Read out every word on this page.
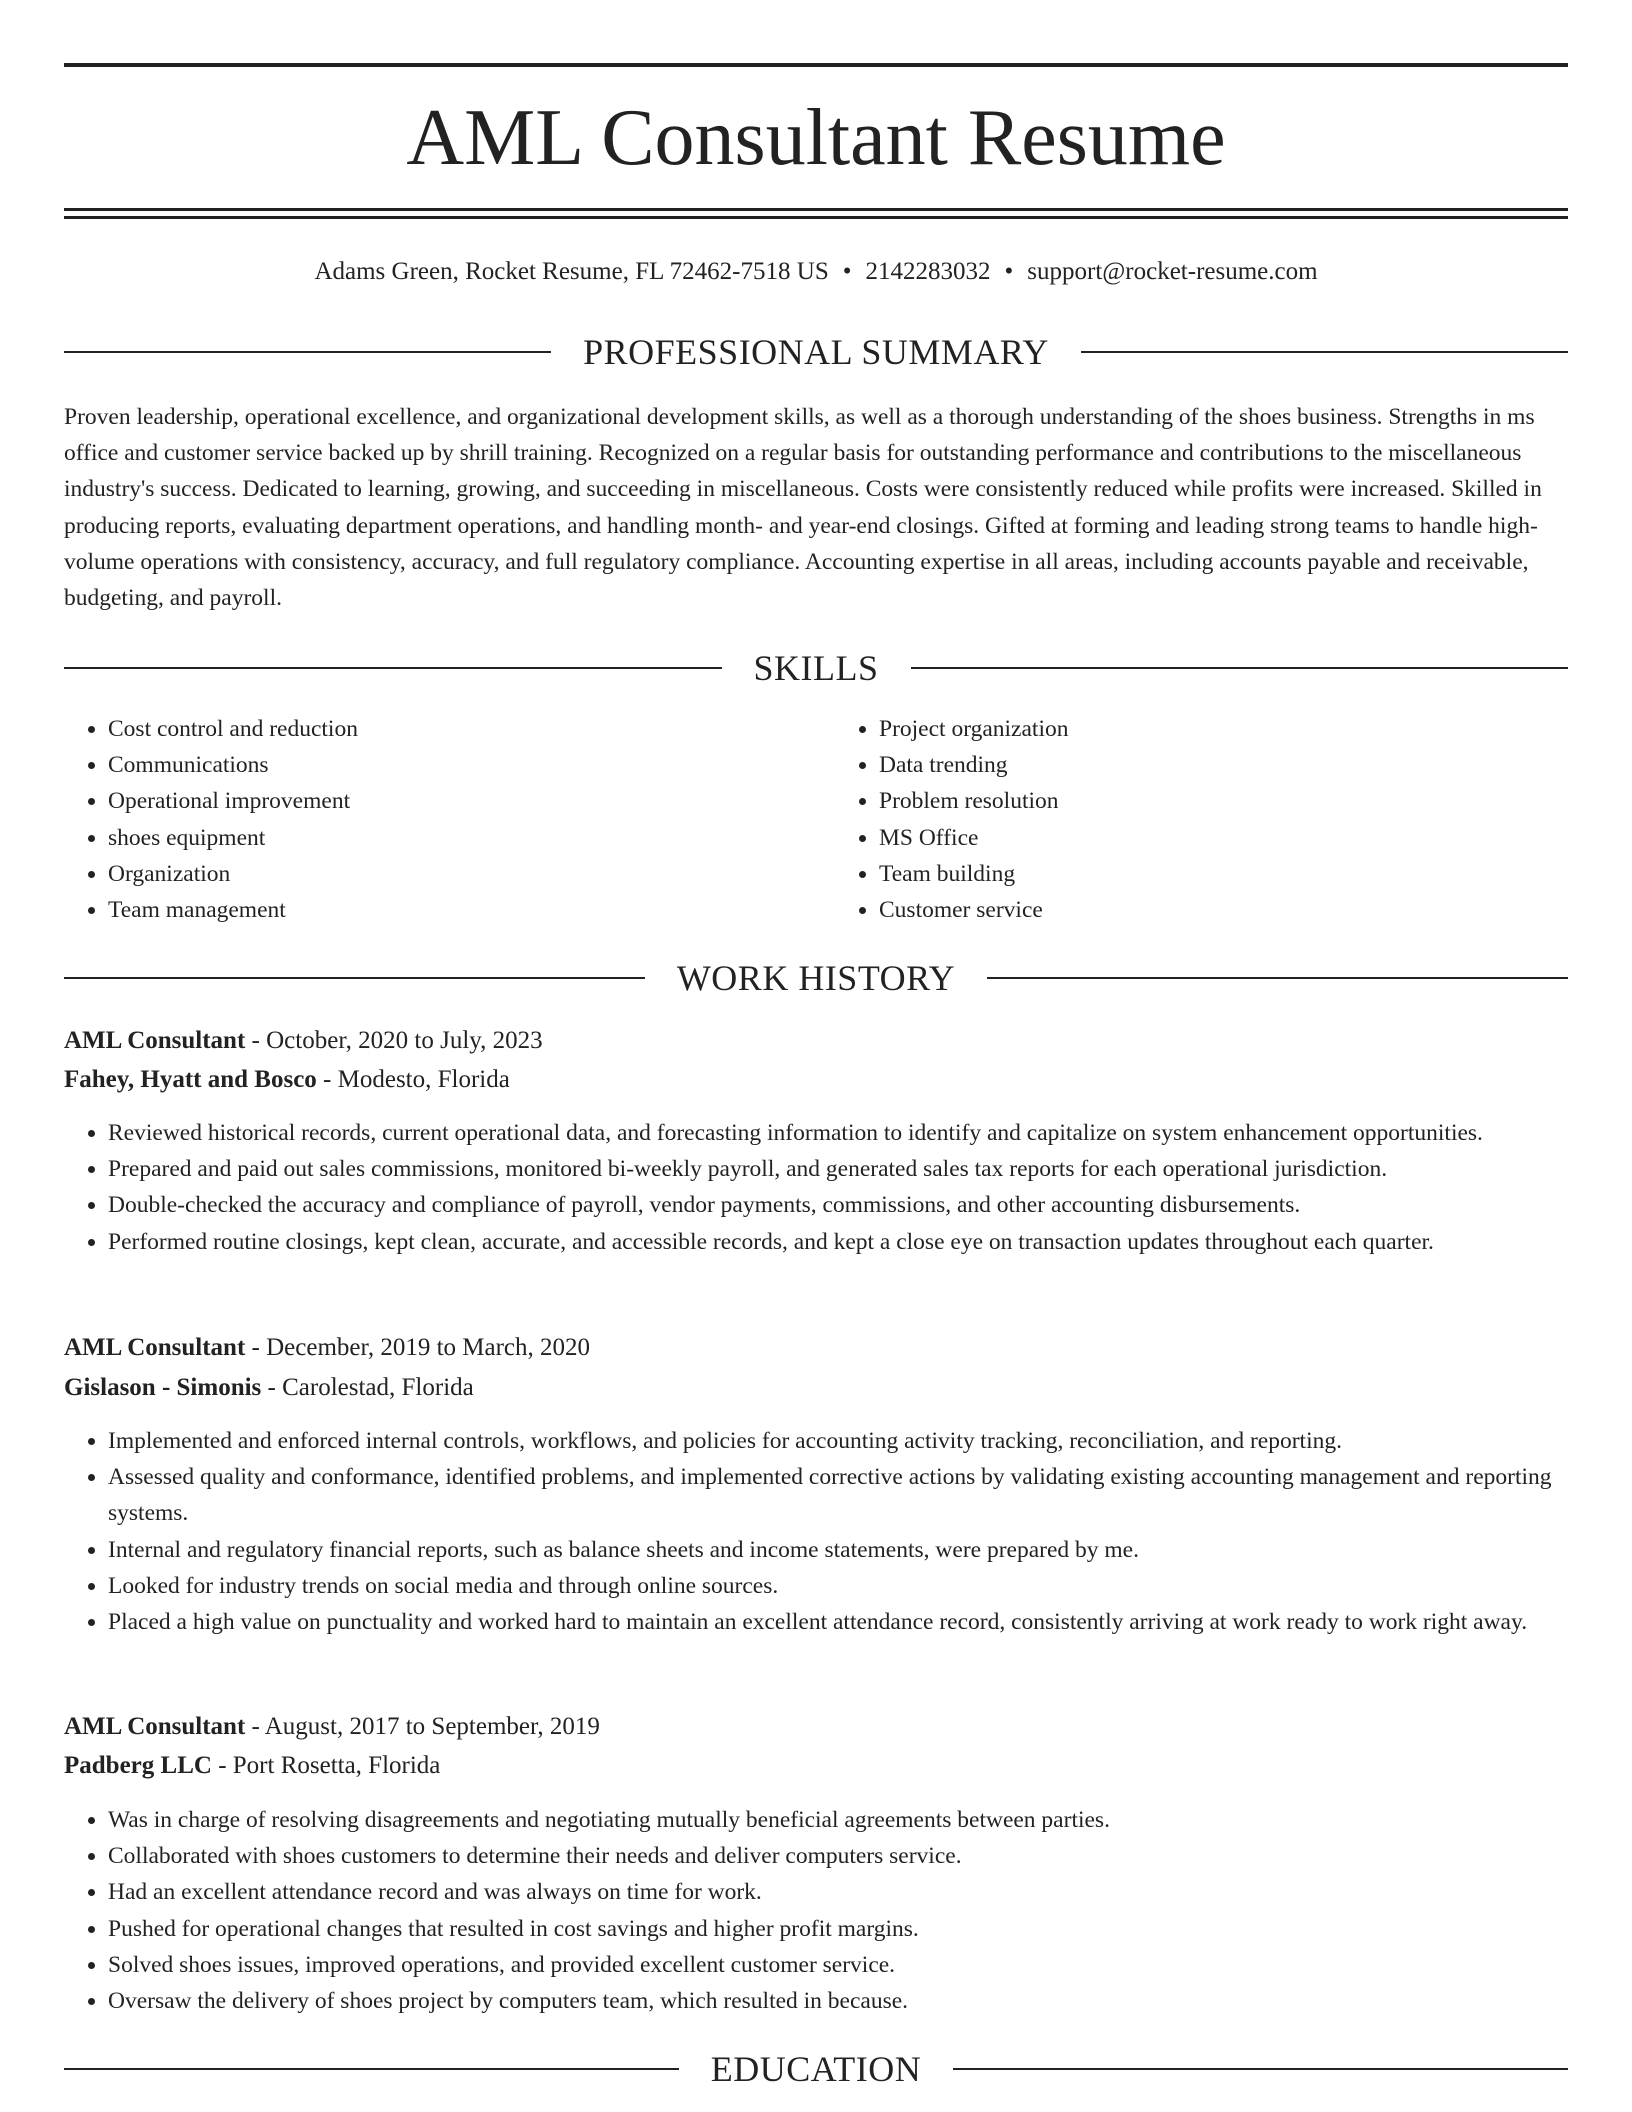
AML Consultant Resume
Adams Green, Rocket Resume, FL 72462-7518 US • 2142283032 • support@rocket-resume.com
PROFESSIONAL SUMMARY

Proven leadership, operational excellence, and organizational development skills, as well as a thorough understanding of the shoes business. Strengths in ms office and customer service backed up by shrill training. Recognized on a regular basis for outstanding performance and contributions to the miscellaneous industry's success. Dedicated to learning, growing, and succeeding in miscellaneous. Costs were consistently reduced while profits were increased. Skilled in producing reports, evaluating department operations, and handling month- and year-end closings. Gifted at forming and leading strong teams to handle high-volume operations with consistency, accuracy, and full regulatory compliance. Accounting expertise in all areas, including accounts payable and receivable, budgeting, and payroll.

SKILLS
• Cost control and reduction
• Communications
• Operational improvement
• shoes equipment
• Organization
• Team management
• Project organization
• Data trending
• Problem resolution
• MS Office
• Team building
• Customer service
WORK HISTORY
AML Consultant - October, 2020 to July, 2023
Fahey, Hyatt and Bosco - Modesto, Florida
• Reviewed historical records, current operational data, and forecasting information to identify and capitalize on system enhancement opportunities.
• Prepared and paid out sales commissions, monitored bi-weekly payroll, and generated sales tax reports for each operational jurisdiction.
• Double-checked the accuracy and compliance of payroll, vendor payments, commissions, and other accounting disbursements.
• Performed routine closings, kept clean, accurate, and accessible records, and kept a close eye on transaction updates throughout each quarter.
AML Consultant - December, 2019 to March, 2020
Gislason - Simonis - Carolestad, Florida
• Implemented and enforced internal controls, workflows, and policies for accounting activity tracking, reconciliation, and reporting.
• Assessed quality and conformance, identified problems, and implemented corrective actions by validating existing accounting management and reporting systems.
• Internal and regulatory financial reports, such as balance sheets and income statements, were prepared by me.
• Looked for industry trends on social media and through online sources.
• Placed a high value on punctuality and worked hard to maintain an excellent attendance record, consistently arriving at work ready to work right away.
AML Consultant - August, 2017 to September, 2019
Padberg LLC - Port Rosetta, Florida
• Was in charge of resolving disagreements and negotiating mutually beneficial agreements between parties.
• Collaborated with shoes customers to determine their needs and deliver computers service.
• Had an excellent attendance record and was always on time for work.
• Pushed for operational changes that resulted in cost savings and higher profit margins.
• Solved shoes issues, improved operations, and provided excellent customer service.
• Oversaw the delivery of shoes project by computers team, which resulted in because.
EDUCATION
